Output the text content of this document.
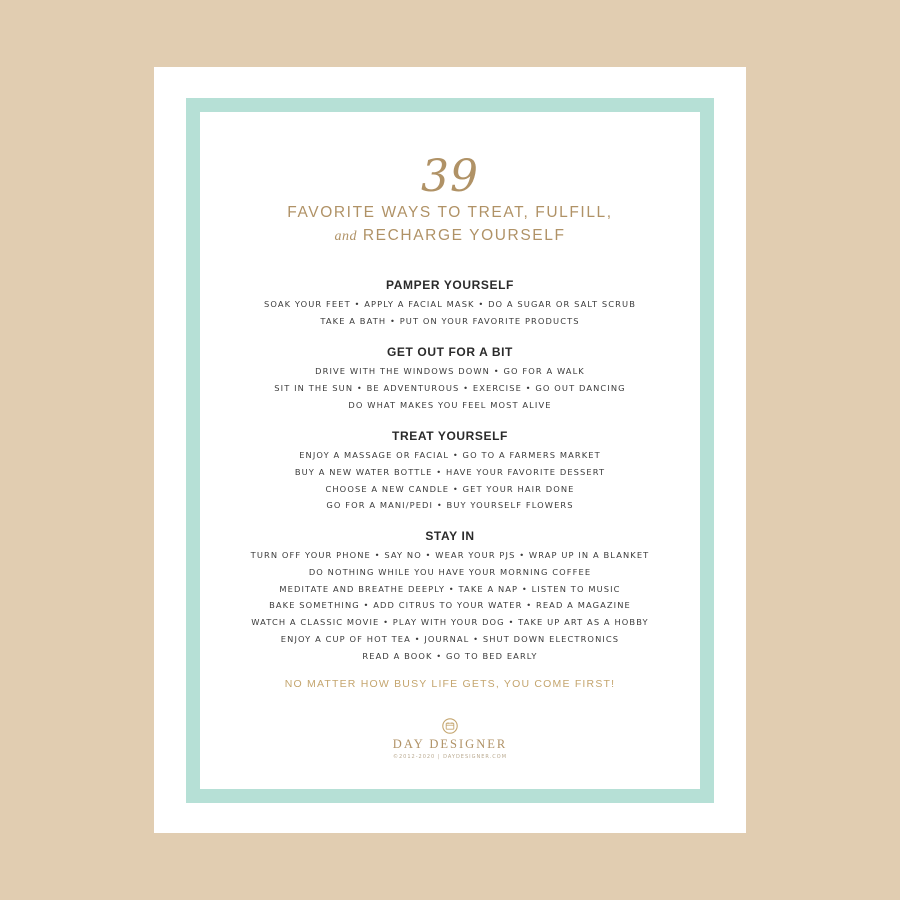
39
FAVORITE WAYS TO TREAT, FULFILL,
and RECHARGE YOURSELF
PAMPER YOURSELF
SOAK YOUR FEET • APPLY A FACIAL MASK • DO A SUGAR OR SALT SCRUB
TAKE A BATH • PUT ON YOUR FAVORITE PRODUCTS
GET OUT FOR A BIT
DRIVE WITH THE WINDOWS DOWN • GO FOR A WALK
SIT IN THE SUN • BE ADVENTUROUS • EXERCISE • GO OUT DANCING
DO WHAT MAKES YOU FEEL MOST ALIVE
TREAT YOURSELF
ENJOY A MASSAGE OR FACIAL • GO TO A FARMERS MARKET
BUY A NEW WATER BOTTLE • HAVE YOUR FAVORITE DESSERT
CHOOSE A NEW CANDLE • GET YOUR HAIR DONE
GO FOR A MANI/PEDI • BUY YOURSELF FLOWERS
STAY IN
TURN OFF YOUR PHONE • SAY NO • WEAR YOUR PJS • WRAP UP IN A BLANKET
DO NOTHING WHILE YOU HAVE YOUR MORNING COFFEE
MEDITATE AND BREATHE DEEPLY • TAKE A NAP • LISTEN TO MUSIC
BAKE SOMETHING • ADD CITRUS TO YOUR WATER • READ A MAGAZINE
WATCH A CLASSIC MOVIE • PLAY WITH YOUR DOG • TAKE UP ART AS A HOBBY
ENJOY A CUP OF HOT TEA • JOURNAL • SHUT DOWN ELECTRONICS
READ A BOOK • GO TO BED EARLY
NO MATTER HOW BUSY LIFE GETS, YOU COME FIRST!
DAY DESIGNER
©2012-2020 | DAYDESIGNER.COM
